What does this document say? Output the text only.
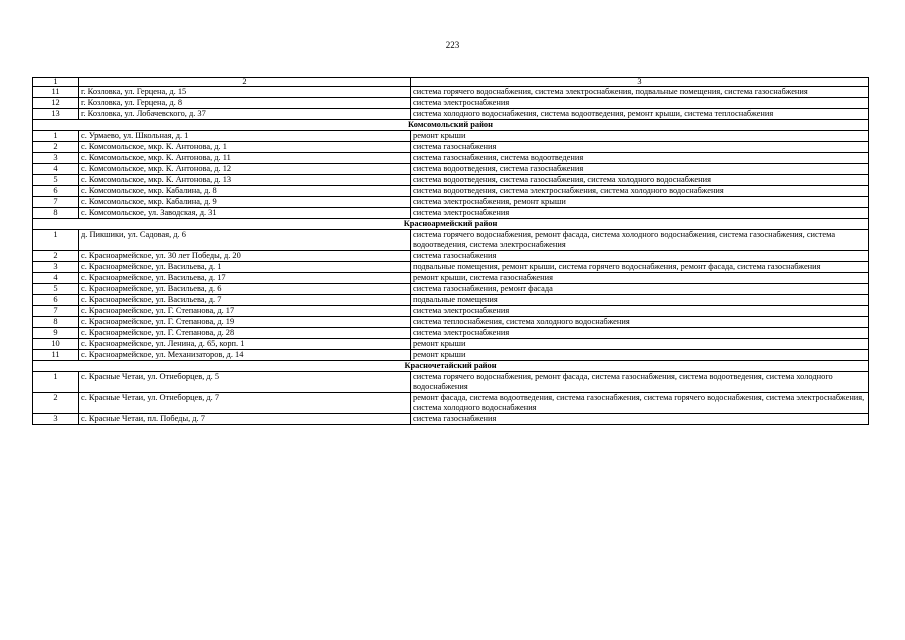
223
1	2	3
11	г. Козловка, ул. Герцена, д. 15	система горячего водоснабжения, система электроснабжения, подвальные помещения, система газоснабжения
12	г. Козловка, ул. Герцена, д. 8	система электроснабжения
13	г. Козловка, ул. Лобачевского, д. 37	система холодного водоснабжения, система водоотведения, ремонт крыши, система теплоснабжения
Комсомольский район		
1	с. Урмаево, ул. Школьная, д. 1	ремонт крыши
2	с. Комсомольское, мкр. К. Антонова, д. 1	система газоснабжения
3	с. Комсомольское, мкр. К. Антонова, д. 11	система газоснабжения, система водоотведения
4	с. Комсомольское, мкр. К. Антонова, д. 12	система водоотведения, система газоснабжения
5	с. Комсомольское, мкр. К. Антонова, д. 13	система водоотведения, система газоснабжения, система холодного водоснабжения
6	с. Комсомольское, мкр. Кабалина, д. 8	система водоотведения, система электроснабжения, система холодного водоснабжения
7	с. Комсомольское, мкр. Кабалина, д. 9	система электроснабжения, ремонт крыши
8	с. Комсомольское, ул. Заводская, д. 31	система электроснабжения
Красноармейский район		
1	д. Пикшики, ул. Садовая, д. 6	система горячего водоснабжения, ремонт фасада, система холодного водоснабжения, система газоснабжения, система водоотведения, система электроснабжения
2	с. Красноармейское, ул. 30 лет Победы, д. 20	система газоснабжения
3	с. Красноармейское, ул. Васильева, д. 1	подвальные помещения, ремонт крыши, система горячего водоснабжения, ремонт фасада, система газоснабжения
4	с. Красноармейское, ул. Васильева, д. 17	ремонт крыши, система газоснабжения
5	с. Красноармейское, ул. Васильева, д. 6	система газоснабжения, ремонт фасада
6	с. Красноармейское, ул. Васильева, д. 7	подвальные помещения
7	с. Красноармейское, ул. Г. Степанова, д. 17	система электроснабжения
8	с. Красноармейское, ул. Г. Степанова, д. 19	система теплоснабжения, система холодного водоснабжения
9	с. Красноармейское, ул. Г. Степанова, д. 28	система электроснабжения
10	с. Красноармейское, ул. Ленина, д. 65, корп. 1	ремонт крыши
11	с. Красноармейское, ул. Механизаторов, д. 14	ремонт крыши
Красночетайский район		
1	с. Красные Четаи, ул. Отнеборцев, д. 5	система горячего водоснабжения, ремонт фасада, система газоснабжения, система водоотведения, система холодного водоснабжения
2	с. Красные Четаи, ул. Отнеборцев, д. 7	ремонт фасада, система водоотведения, система газоснабжения, система горячего водоснабжения, система электроснабжения, система холодного водоснабжения
3	с. Красные Четаи, пл. Победы, д. 7	система газоснабжения
